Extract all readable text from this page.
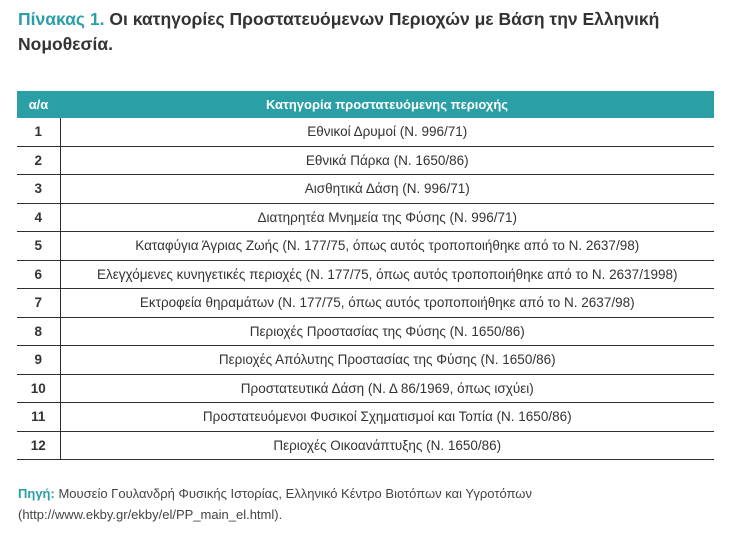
Πίνακας 1. Οι κατηγορίες Προστατευόμενων Περιοχών με Βάση την Ελληνική Νομοθεσία.
α/α	Κατηγορία προστατευόμενης περιοχής
1	Εθνικοί Δρυμοί (Ν. 996/71)
2	Εθνικά Πάρκα (Ν. 1650/86)
3	Αισθητικά Δάση (Ν. 996/71)
4	Διατηρητέα Μνημεία της Φύσης (Ν. 996/71)
5	Καταφύγια Άγριας Ζωής (Ν. 177/75, όπως αυτός τροποποιήθηκε από το Ν. 2637/98)
6	Ελεγχόμενες κυνηγετικές περιοχές (Ν. 177/75, όπως αυτός τροποποιήθηκε από το Ν. 2637/1998)
7	Εκτροφεία θηραμάτων (Ν. 177/75, όπως αυτός τροποποιήθηκε από το Ν. 2637/98)
8	Περιοχές Προστασίας της Φύσης (Ν. 1650/86)
9	Περιοχές Απόλυτης Προστασίας της Φύσης (Ν. 1650/86)
10	Προστατευτικά Δάση (Ν. Δ 86/1969, όπως ισχύει)
11	Προστατευόμενοι Φυσικοί Σχηματισμοί και Τοπία (Ν. 1650/86)
12	Περιοχές Οικοανάπτυξης (Ν. 1650/86)
Πηγή: Μουσείο Γουλανδρή Φυσικής Ιστορίας, Ελληνικό Κέντρο Βιοτόπων και Υγροτόπων (http://www.ekby.gr/ekby/el/PP_main_el.html).
